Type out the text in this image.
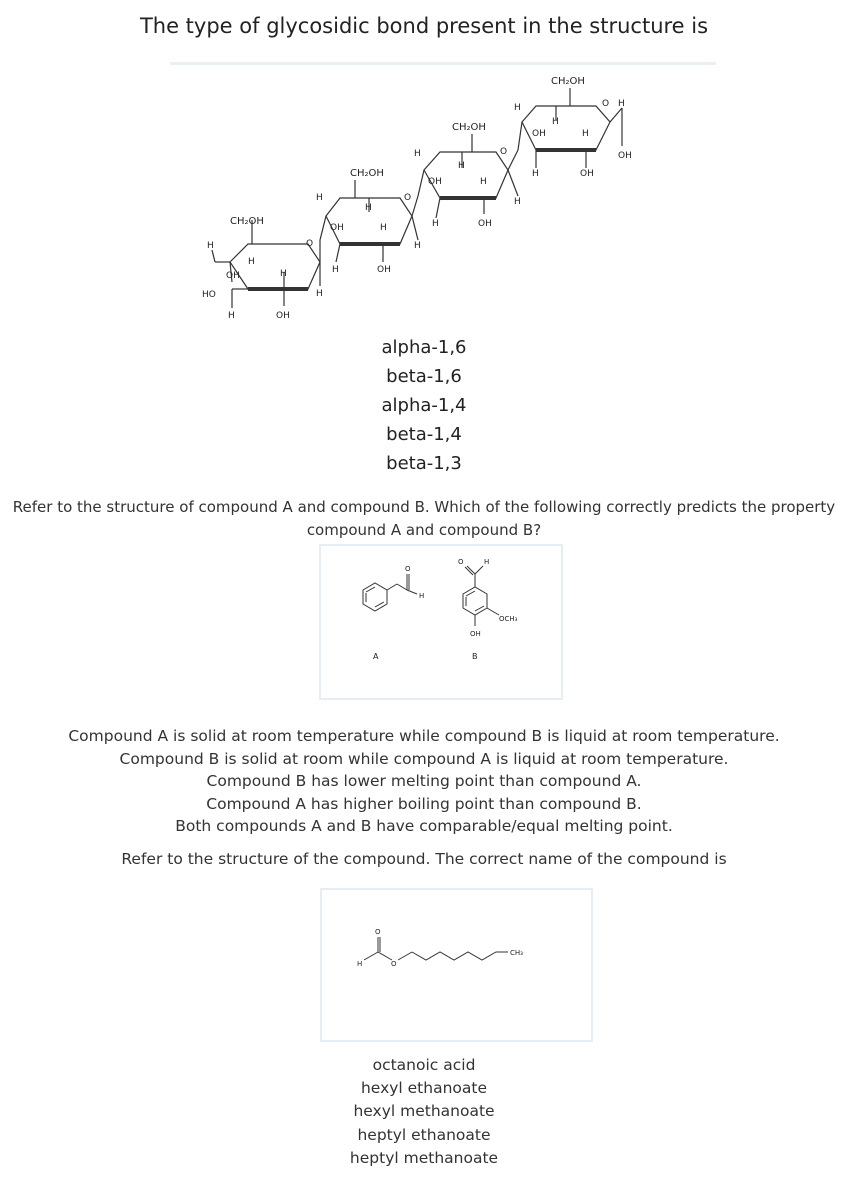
The type of glycosidic bond present in the structure is
CH₂OH
H
OH
H
H
HO
H	OH
O
H
H
CH₂OH
OH
H
H
H	OH
O
H
H
CH₂OH
OH
H
H
H	OH
O
H
H
CH₂OH
O H
OH
H
H
OH
H	OH
alpha-1,6
beta-1,6
alpha-1,4
beta-1,4
beta-1,3
Refer to the structure of compound A and compound B. Which of the following correctly predicts the property
compound A and compound B?
O
H
O	H
OH
OCH₃
A	B
Compound A is solid at room temperature while compound B is liquid at room temperature.
Compound B is solid at room while compound A is liquid at room temperature.
Compound B has lower melting point than compound A.
Compound A has higher boiling point than compound B.
Both compounds A and B have comparable/equal melting point.
Refer to the structure of the compound. The correct name of the compound is
O
H	O
CH₃
octanoic acid
hexyl ethanoate
hexyl methanoate
heptyl ethanoate
heptyl methanoate
